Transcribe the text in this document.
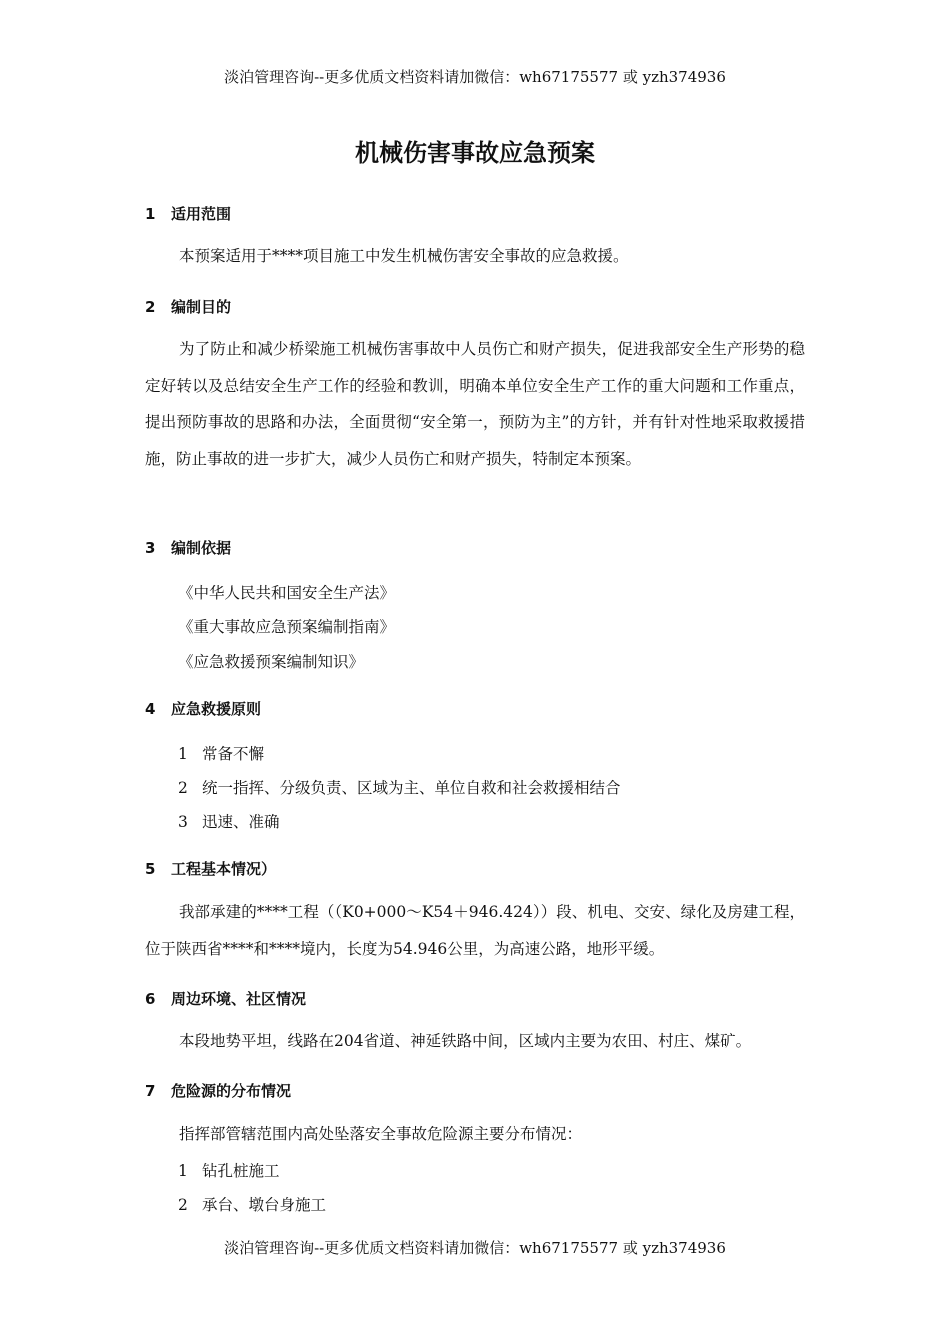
淡泊管理咨询--更多优质文档资料请加微信：wh67175577 或 yzh374936
机械伤害事故应急预案
1 适用范围
本预案适用于****项目施工中发生机械伤害安全事故的应急救援。
2 编制目的
为了防止和减少桥梁施工机械伤害事故中人员伤亡和财产损失，促进我部安全生产形势的稳定好转以及总结安全生产工作的经验和教训，明确本单位安全生产工作的重大问题和工作重点，提出预防事故的思路和办法，全面贯彻“安全第一，预防为主”的方针，并有针对性地采取救援措施，防止事故的进一步扩大，减少人员伤亡和财产损失，特制定本预案。
3 编制依据
《中华人民共和国安全生产法》
《重大事故应急预案编制指南》
《应急救援预案编制知识》
4 应急救援原则
1 常备不懈
2 统一指挥、分级负责、区域为主、单位自救和社会救援相结合
3 迅速、准确
5 工程基本情况）
我部承建的****工程（（K0+000～K54＋946.424））段、机电、交安、绿化及房建工程，位于陕西省****和****境内，长度为54.946公里，为高速公路，地形平缓。
6 周边环境、社区情况
本段地势平坦，线路在204省道、神延铁路中间，区域内主要为农田、村庄、煤矿。
7 危险源的分布情况
指挥部管辖范围内高处坠落安全事故危险源主要分布情况：
1 钻孔桩施工
2 承台、墩台身施工
淡泊管理咨询--更多优质文档资料请加微信：wh67175577 或 yzh374936
